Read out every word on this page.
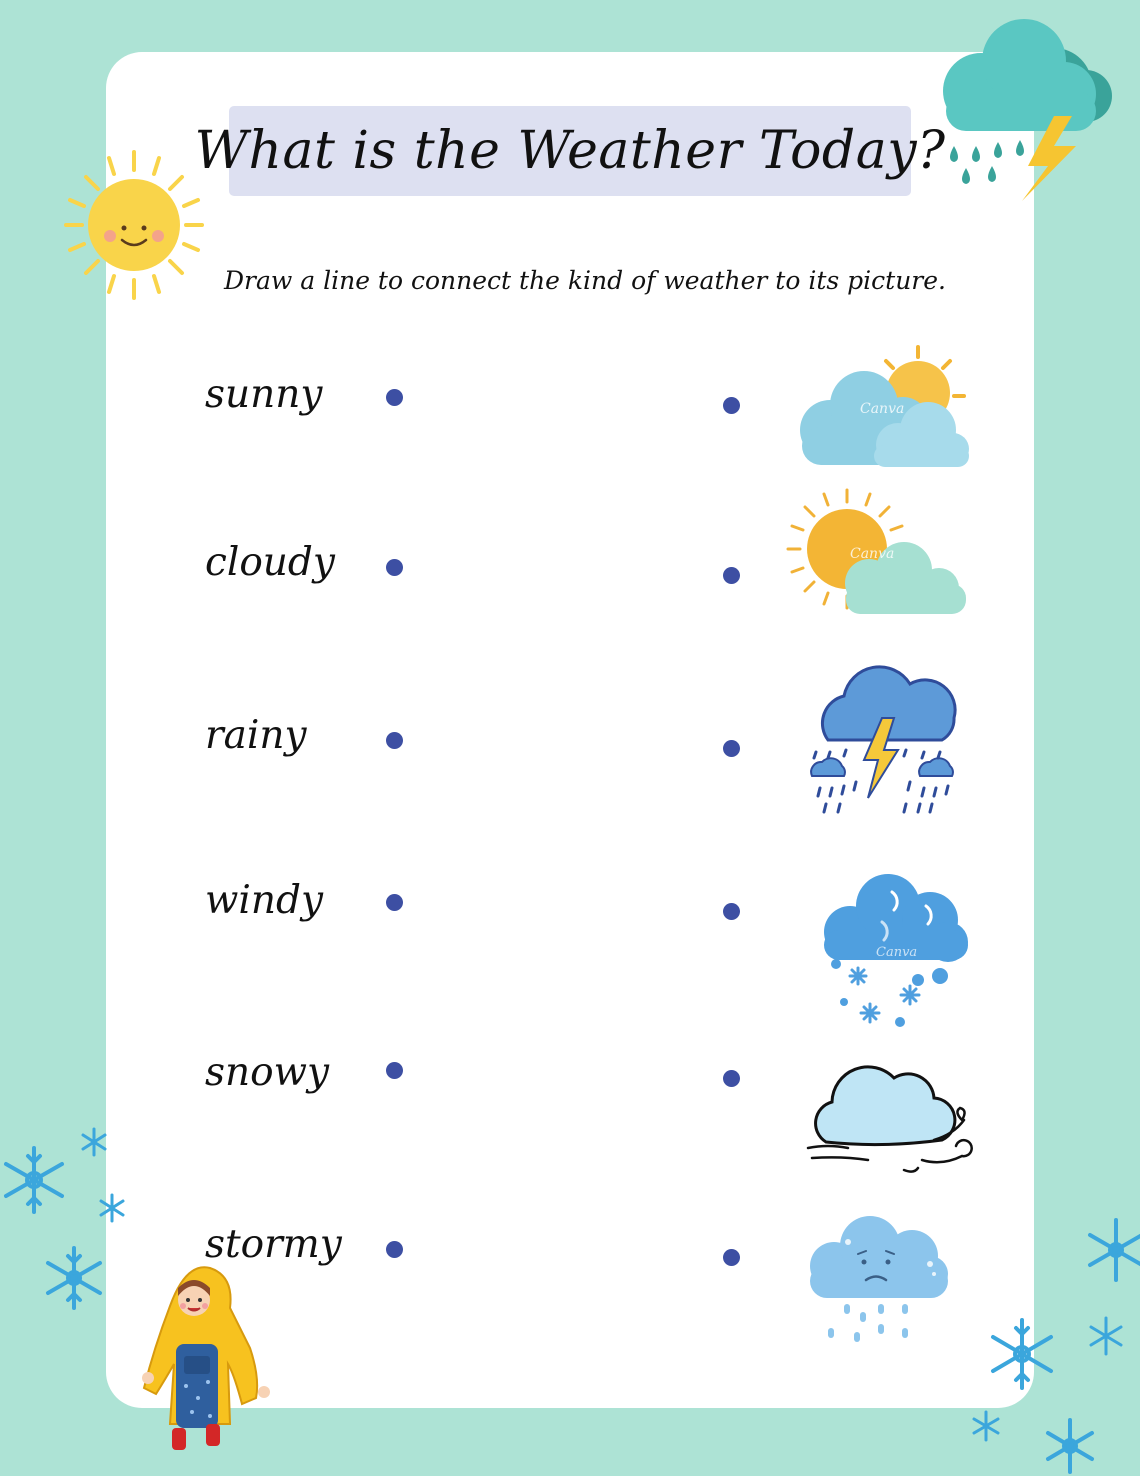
What is the Weather Today?
Draw a line to connect the kind of weather to its picture.
sunny
cloudy
rainy
windy
snowy
stormy
Canva
Canva
Canva
